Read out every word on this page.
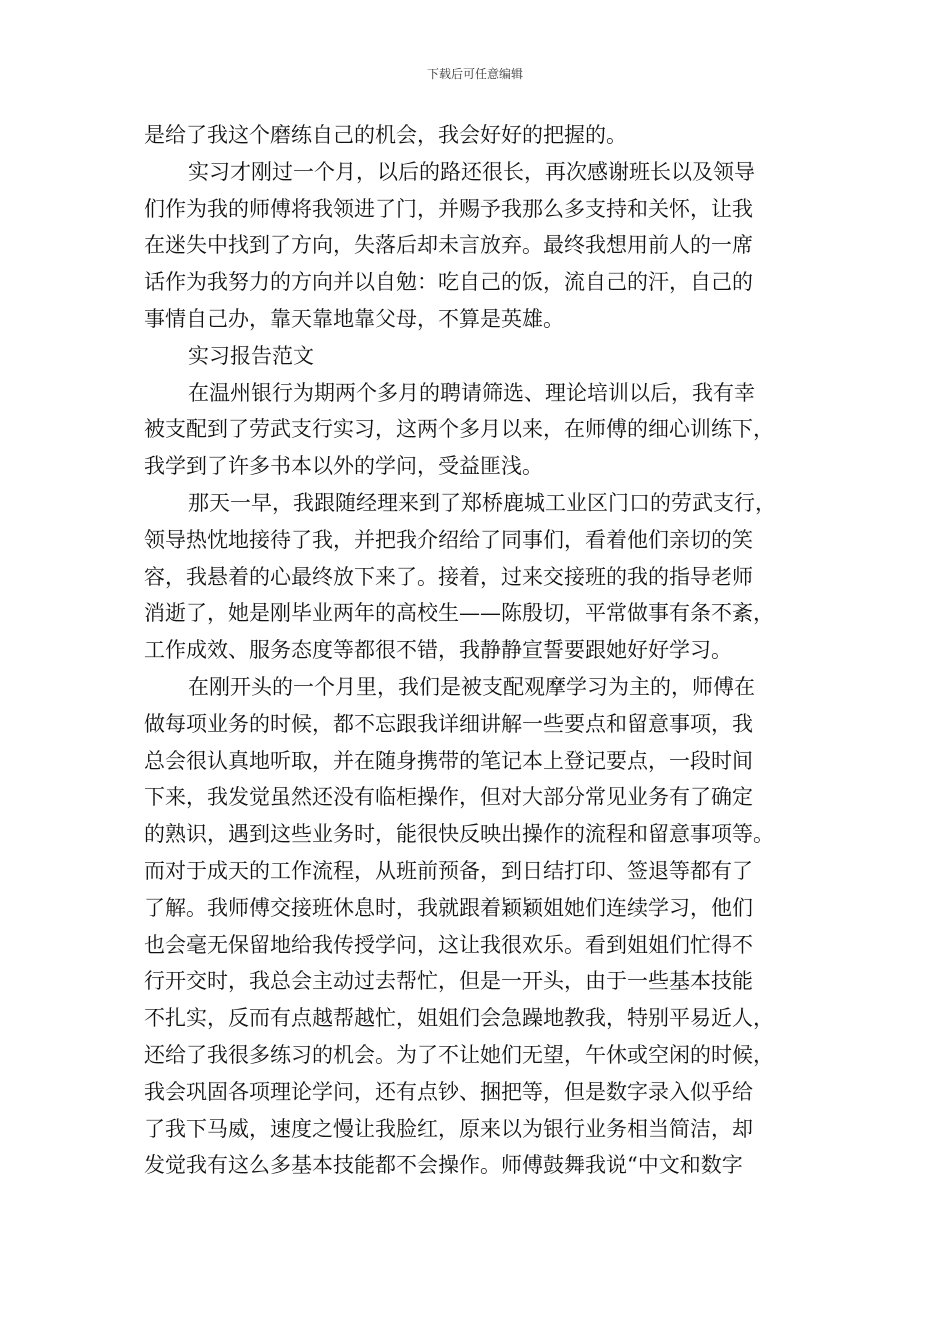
下载后可任意编辑
是给了我这个磨练自己的机会，我会好好的把握的。
实习才刚过一个月，以后的路还很长，再次感谢班长以及领导
们作为我的师傅将我领进了门，并赐予我那么多支持和关怀，让我
在迷失中找到了方向，失落后却未言放弃。最终我想用前人的一席
话作为我努力的方向并以自勉：吃自己的饭，流自己的汗，自己的
事情自己办，靠天靠地靠父母，不算是英雄。
实习报告范文
在温州银行为期两个多月的聘请筛选、理论培训以后，我有幸
被支配到了劳武支行实习，这两个多月以来，在师傅的细心训练下，
我学到了许多书本以外的学问，受益匪浅。
那天一早，我跟随经理来到了郑桥鹿城工业区门口的劳武支行，
领导热忱地接待了我，并把我介绍给了同事们，看着他们亲切的笑
容，我悬着的心最终放下来了。接着，过来交接班的我的指导老师
消逝了，她是刚毕业两年的高校生——陈殷切，平常做事有条不紊，
工作成效、服务态度等都很不错，我静静宣誓要跟她好好学习。
在刚开头的一个月里，我们是被支配观摩学习为主的，师傅在
做每项业务的时候，都不忘跟我详细讲解一些要点和留意事项，我
总会很认真地听取，并在随身携带的笔记本上登记要点，一段时间
下来，我发觉虽然还没有临柜操作，但对大部分常见业务有了确定
的熟识，遇到这些业务时，能很快反映出操作的流程和留意事项等。
而对于成天的工作流程，从班前预备，到日结打印、签退等都有了
了解。我师傅交接班休息时，我就跟着颖颖姐她们连续学习，他们
也会毫无保留地给我传授学问，这让我很欢乐。看到姐姐们忙得不
行开交时，我总会主动过去帮忙，但是一开头，由于一些基本技能
不扎实，反而有点越帮越忙，姐姐们会急躁地教我，特别平易近人，
还给了我很多练习的机会。为了不让她们无望，午休或空闲的时候，
我会巩固各项理论学问，还有点钞、捆把等，但是数字录入似乎给
了我下马威，速度之慢让我脸红，原来以为银行业务相当简洁，却
发觉我有这么多基本技能都不会操作。师傅鼓舞我说“中文和数字
